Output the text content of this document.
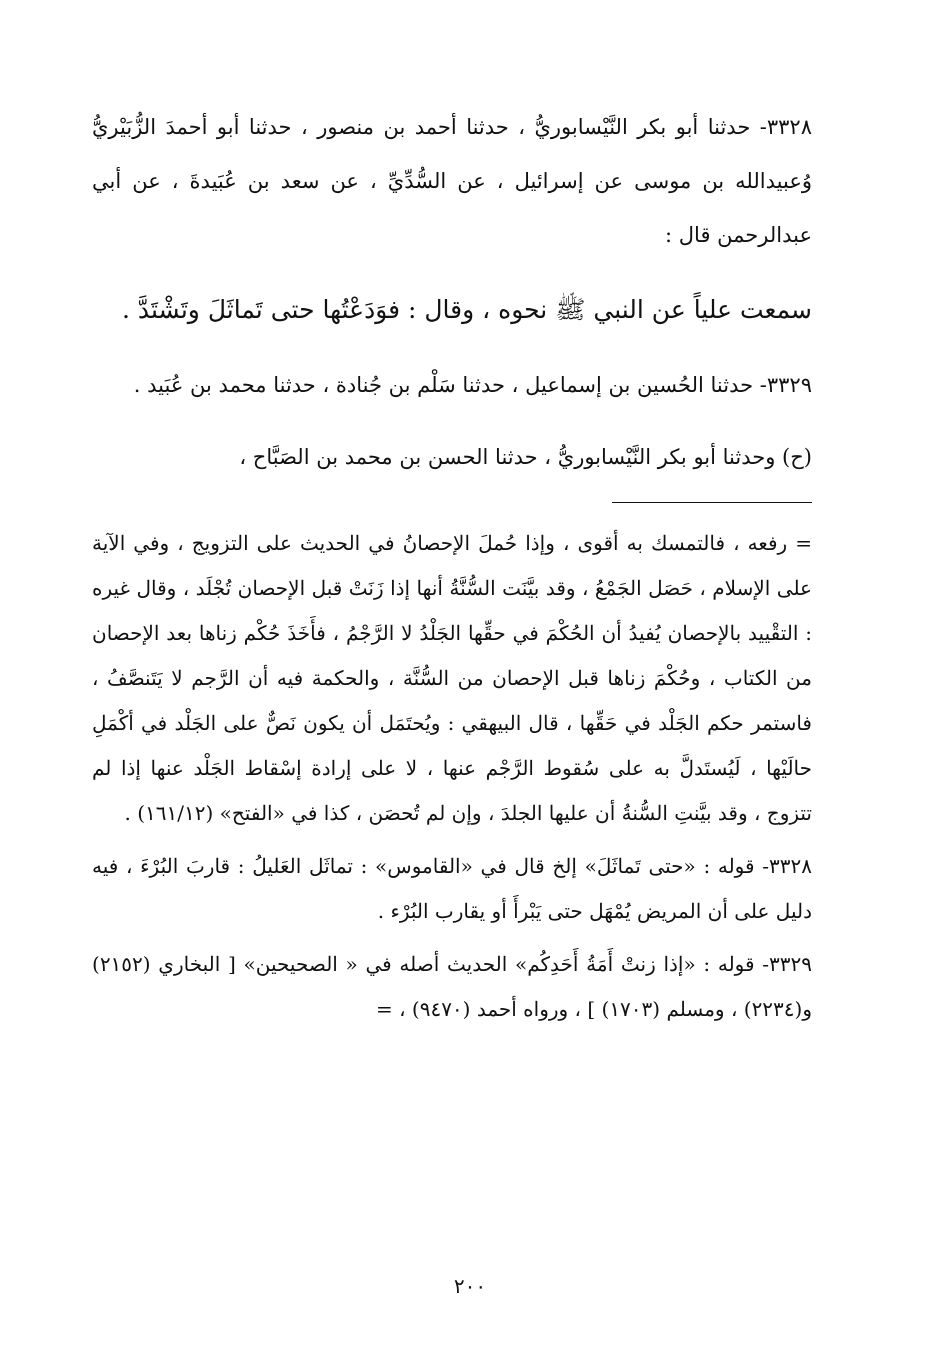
٣٣٢٨- حدثنا أبو بكر النَّيْسابوريُّ ، حدثنا أحمد بن منصور ، حدثنا أبو أحمدَ الزُّبَيْريُّ وُعبيدالله بن موسى عن إسرائيل ، عن السُّدِّيِّ ، عن سعد بن عُبَيدةَ ، عن أبي عبدالرحمن قال :

سمعت علياً عن النبي ﷺ نحوه ، وقال : فوَدَعْتُها حتى تَماثَلَ وتَشْتَدَّ .

٣٣٢٩- حدثنا الحُسين بن إسماعيل ، حدثنا سَلْم بن جُنادة ، حدثنا محمد بن عُبَيد .

(ح) وحدثنا أبو بكر النَّيْسابوريُّ ، حدثنا الحسن بن محمد بن الصَبَّاح ،

= رفعه ، فالتمسك به أقوى ، وإذا حُملَ الإحصانُ في الحديث على التزويج ، وفي الآية على الإسلام ، حَصَل الجَمْعُ ، وقد بيَّنَت السُّنَّةُ أنها إذا زَنَتْ قبل الإحصان تُجْلَد ، وقال غيره : التقْييد بالإحصان يُفيدُ أن الحُكْمَ في حقِّها الجَلْدُ لا الرَّجْمُ ، فأَخَذَ حُكْم زناها بعد الإحصان من الكتاب ، وحُكْمَ زناها قبل الإحصان من السُّنَّة ، والحكمة فيه أن الرَّجم لا يَتَنصَّفُ ، فاستمر حكم الجَلْد في حَقِّها ، قال البيهقي : ويُحتَمَل أن يكون نَصٌّ على الجَلْد في أكْمَلِ حالَيْها ، لَيُستَدلَّ به على سُقوط الرَّجْم عنها ، لا على إرادة إسْقاط الجَلْد عنها إذا لم تتزوج ، وقد بيَّنتِ السُّنةُ أن عليها الجلدَ ، وإن لم تُحصَن ، كذا في «الفتح» (١٦١/١٢) .

٣٣٢٨- قوله : «حتى تَماثَلَ» إلخ قال في «القاموس» : تماثَل العَليلُ : قاربَ البُرْءَ ، فيه دليل على أن المريض يُمْهَل حتى يَبْرأَ أو يقارب البُرْء .

٣٣٢٩- قوله : «إذا زنتْ أَمَةُ أَحَدِكُم» الحديث أصله في « الصحيحين» [ البخاري (٢١٥٢) و(٢٢٣٤) ، ومسلم (١٧٠٣) ] ، ورواه أحمد (٩٤٧٠) ، =

٢٠٠
